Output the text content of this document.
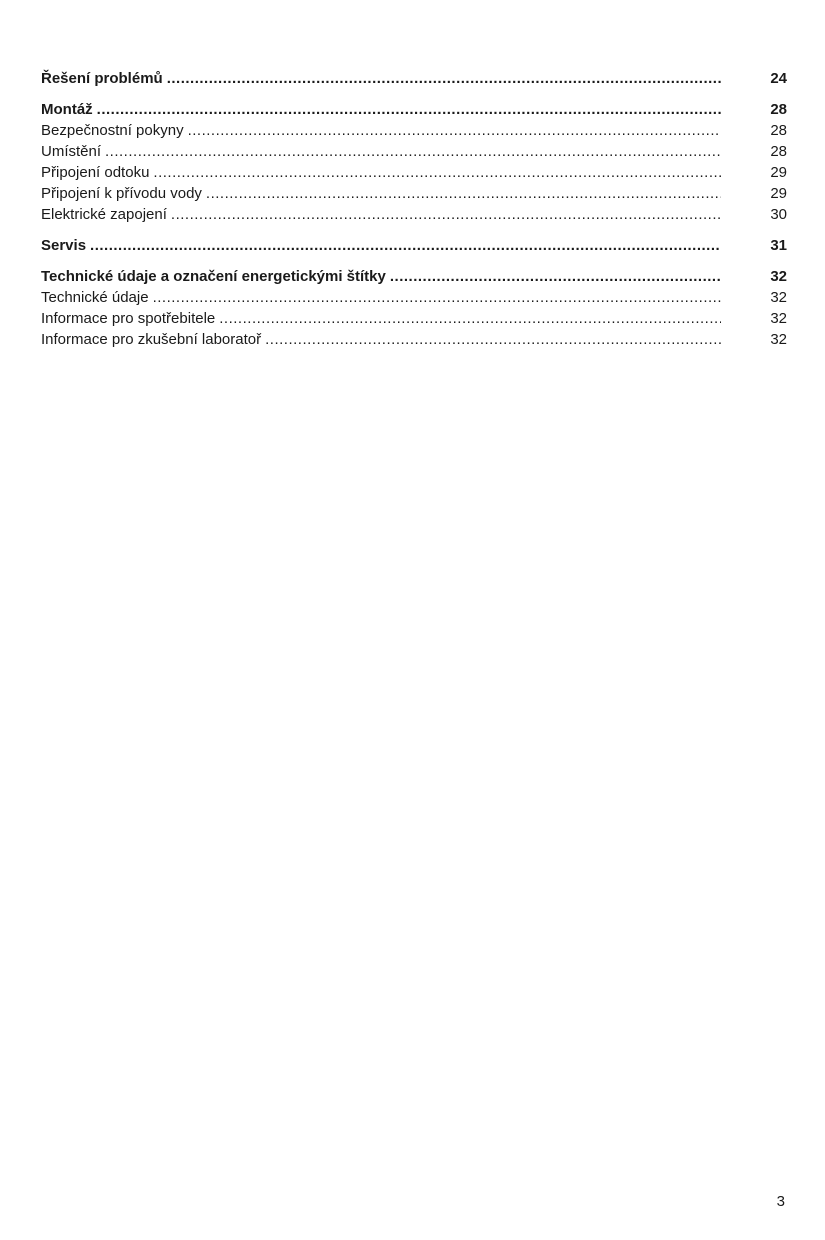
Řešení problémů .....	24
Montáž .....	28
Bezpečnostní pokyny .....	28
Umístění .....	28
Připojení odtoku .....	29
Připojení k přívodu vody .....	29
Elektrické zapojení .....	30
Servis .....	31
Technické údaje a označení energetickými štítky .....	32
Technické údaje .....	32
Informace pro spotřebitele .....	32
Informace pro zkušební laboratoř .....	32
3
